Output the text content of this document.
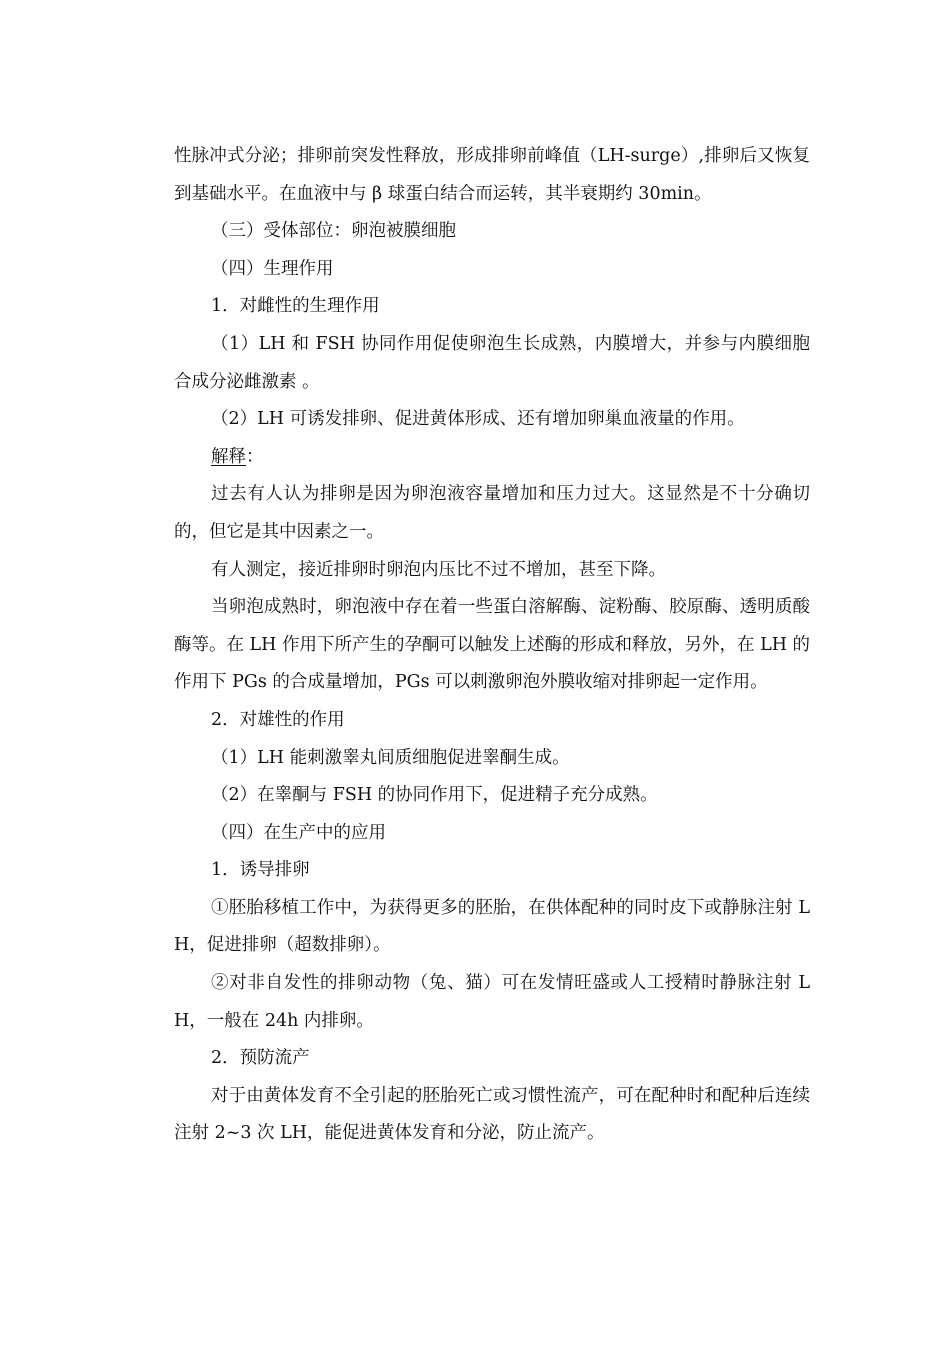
性脉冲式分泌；排卵前突发性释放，形成排卵前峰值（LH-surge）,排卵后又恢复到基础水平。在血液中与 β 球蛋白结合而运转，其半衰期约 30min。

（三）受体部位：卵泡被膜细胞

（四）生理作用

1．对雌性的生理作用

（1）LH 和 FSH 协同作用促使卵泡生长成熟，内膜增大，并参与内膜细胞合成分泌雌激素 。

（2）LH 可诱发排卵、促进黄体形成、还有增加卵巢血液量的作用。

解释：

过去有人认为排卵是因为卵泡液容量增加和压力过大。这显然是不十分确切的，但它是其中因素之一。

有人测定，接近排卵时卵泡内压比不过不增加，甚至下降。

当卵泡成熟时，卵泡液中存在着一些蛋白溶解酶、淀粉酶、胶原酶、透明质酸酶等。在 LH 作用下所产生的孕酮可以触发上述酶的形成和释放，另外，在 LH 的作用下 PGs 的合成量增加，PGs 可以刺激卵泡外膜收缩对排卵起一定作用。

2．对雄性的作用

（1）LH 能刺激睾丸间质细胞促进睾酮生成。

（2）在睾酮与 FSH 的协同作用下，促进精子充分成熟。

（四）在生产中的应用

1．诱导排卵

①胚胎移植工作中，为获得更多的胚胎，在供体配种的同时皮下或静脉注射 LH，促进排卵（超数排卵）。

②对非自发性的排卵动物（兔、猫）可在发情旺盛或人工授精时静脉注射 LH，一般在 24h 内排卵。

2．预防流产

对于由黄体发育不全引起的胚胎死亡或习惯性流产，可在配种时和配种后连续注射 2~3 次 LH，能促进黄体发育和分泌，防止流产。
